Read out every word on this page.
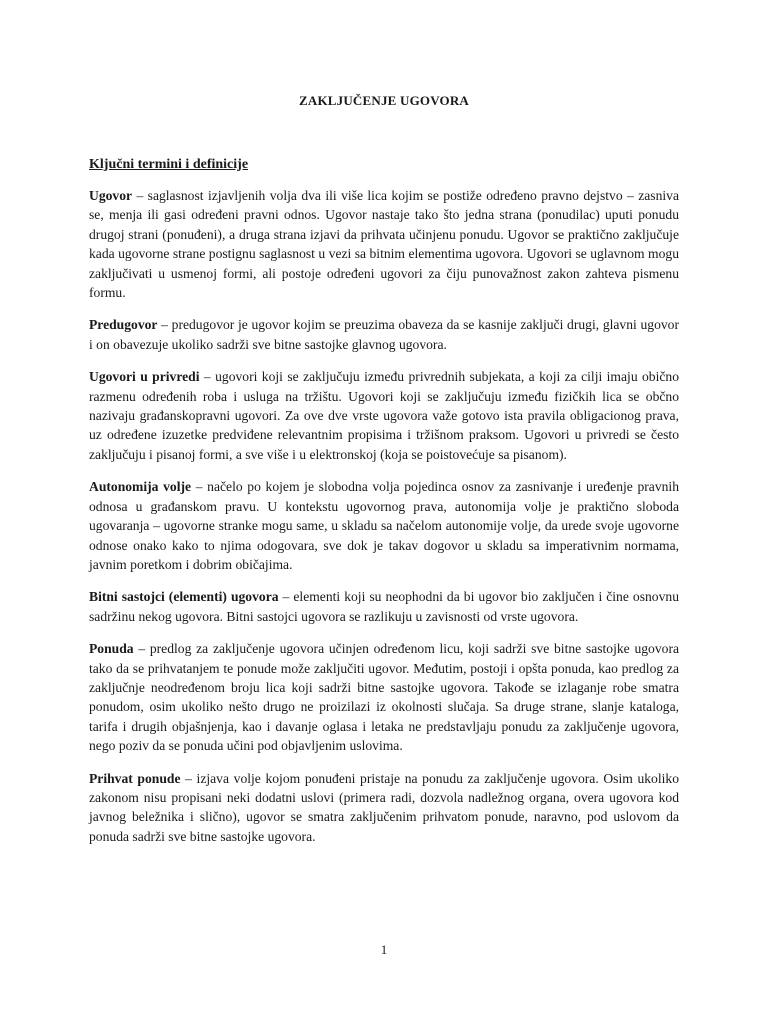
ZAKLJUČENJE UGOVORA
Ključni termini i definicije

Ugovor – saglasnost izjavljenih volja dva ili više lica kojim se postiže određeno pravno dejstvo – zasniva se, menja ili gasi određeni pravni odnos. Ugovor nastaje tako što jedna strana (ponudilac) uputi ponudu drugoj strani (ponuđeni), a druga strana izjavi da prihvata učinjenu ponudu. Ugovor se praktično zaključuje kada ugovorne strane postignu saglasnost u vezi sa bitnim elementima ugovora. Ugovori se uglavnom mogu zaključivati u usmenoj formi, ali postoje određeni ugovori za čiju punovažnost zakon zahteva pismenu formu.

Predugovor – predugovor je ugovor kojim se preuzima obaveza da se kasnije zaključi drugi, glavni ugovor i on obavezuje ukoliko sadrži sve bitne sastojke glavnog ugovora.

Ugovori u privredi – ugovori koji se zaključuju između privrednih subjekata, a koji za cilji imaju obično razmenu određenih roba i usluga na tržištu. Ugovori koji se zaključuju između fizičkih lica se občno nazivaju građanskopravni ugovori. Za ove dve vrste ugovora važe gotovo ista pravila obligacionog prava, uz određene izuzetke predviđene relevantnim propisima i tržišnom praksom. Ugovori u privredi se često zaključuju i pisanoj formi, a sve više i u elektronskoj (koja se poistovećuje sa pisanom).

Autonomija volje – načelo po kojem je slobodna volja pojedinca osnov za zasnivanje i uređenje pravnih odnosa u građanskom pravu. U kontekstu ugovornog prava, autonomija volje je praktično sloboda ugovaranja – ugovorne stranke mogu same, u skladu sa načelom autonomije volje, da urede svoje ugovorne odnose onako kako to njima odogovara, sve dok je takav dogovor u skladu sa imperativnim normama, javnim poretkom i dobrim običajima.

Bitni sastojci (elementi) ugovora – elementi koji su neophodni da bi ugovor bio zaključen i čine osnovnu sadržinu nekog ugovora. Bitni sastojci ugovora se razlikuju u zavisnosti od vrste ugovora.

Ponuda – predlog za zaključenje ugovora učinjen određenom licu, koji sadrži sve bitne sastojke ugovora tako da se prihvatanjem te ponude može zaključiti ugovor. Međutim, postoji i opšta ponuda, kao predlog za zaključnje neodređenom broju lica koji sadrži bitne sastojke ugovora. Takođe se izlaganje robe smatra ponudom, osim ukoliko nešto drugo ne proizilazi iz okolnosti slučaja. Sa druge strane, slanje kataloga, tarifa i drugih objašnjenja, kao i davanje oglasa i letaka ne predstavljaju ponudu za zaključenje ugovora, nego poziv da se ponuda učini pod objavljenim uslovima.

Prihvat ponude – izjava volje kojom ponuđeni pristaje na ponudu za zaključenje ugovora. Osim ukoliko zakonom nisu propisani neki dodatni uslovi (primera radi, dozvola nadležnog organa, overa ugovora kod javnog beležnika i slično), ugovor se smatra zaključenim prihvatom ponude, naravno, pod uslovom da ponuda sadrži sve bitne sastojke ugovora.

1
